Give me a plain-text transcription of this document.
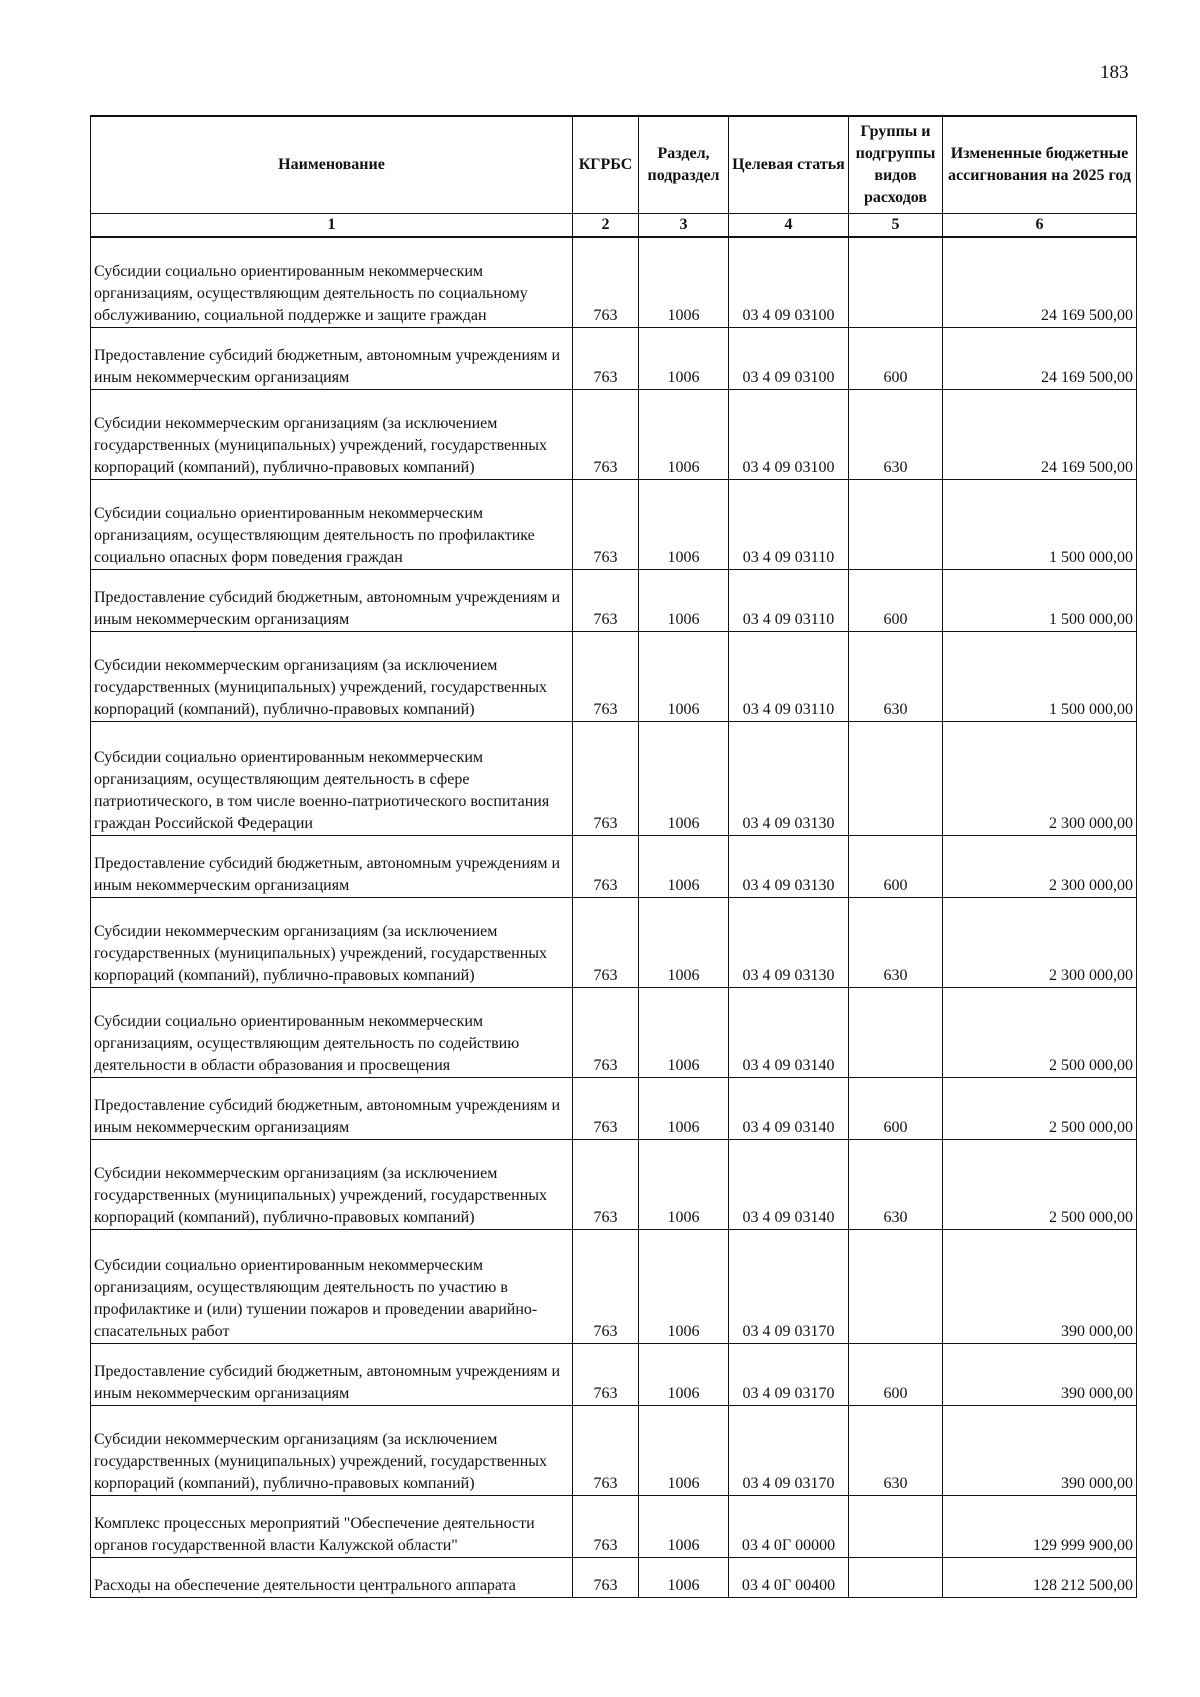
183
Наименование	КГРБС	Раздел, подраздел	Целевая статья	Группы и подгруппы видов расходов	Измененные бюджетные ассигнования на 2025 год
1	2	3	4	5	6
Субсидии социально ориентированным некоммерческим организациям, осуществляющим деятельность по социальному обслуживанию, социальной поддержке и защите граждан	763	1006	03 4 09 03100		24 169 500,00
Предоставление субсидий бюджетным, автономным учреждениям и иным некоммерческим организациям	763	1006	03 4 09 03100	600	24 169 500,00
Субсидии некоммерческим организациям (за исключением государственных (муниципальных) учреждений, государственных корпораций (компаний), публично-правовых компаний)	763	1006	03 4 09 03100	630	24 169 500,00
Субсидии социально ориентированным некоммерческим организациям, осуществляющим деятельность по профилактике социально опасных форм поведения граждан	763	1006	03 4 09 03110		1 500 000,00
Предоставление субсидий бюджетным, автономным учреждениям и иным некоммерческим организациям	763	1006	03 4 09 03110	600	1 500 000,00
Субсидии некоммерческим организациям (за исключением государственных (муниципальных) учреждений, государственных корпораций (компаний), публично-правовых компаний)	763	1006	03 4 09 03110	630	1 500 000,00
Субсидии социально ориентированным некоммерческим организациям, осуществляющим деятельность в сфере патриотического, в том числе военно-патриотического воспитания граждан Российской Федерации	763	1006	03 4 09 03130		2 300 000,00
Предоставление субсидий бюджетным, автономным учреждениям и иным некоммерческим организациям	763	1006	03 4 09 03130	600	2 300 000,00
Субсидии некоммерческим организациям (за исключением государственных (муниципальных) учреждений, государственных корпораций (компаний), публично-правовых компаний)	763	1006	03 4 09 03130	630	2 300 000,00
Субсидии социально ориентированным некоммерческим организациям, осуществляющим деятельность по содействию деятельности в области образования и просвещения	763	1006	03 4 09 03140		2 500 000,00
Предоставление субсидий бюджетным, автономным учреждениям и иным некоммерческим организациям	763	1006	03 4 09 03140	600	2 500 000,00
Субсидии некоммерческим организациям (за исключением государственных (муниципальных) учреждений, государственных корпораций (компаний), публично-правовых компаний)	763	1006	03 4 09 03140	630	2 500 000,00
Субсидии социально ориентированным некоммерческим организациям, осуществляющим деятельность по участию в профилактике и (или) тушении пожаров и проведении аварийно-спасательных работ	763	1006	03 4 09 03170		390 000,00
Предоставление субсидий бюджетным, автономным учреждениям и иным некоммерческим организациям	763	1006	03 4 09 03170	600	390 000,00
Субсидии некоммерческим организациям (за исключением государственных (муниципальных) учреждений, государственных корпораций (компаний), публично-правовых компаний)	763	1006	03 4 09 03170	630	390 000,00
Комплекс процессных мероприятий "Обеспечение деятельности органов государственной власти Калужской области"	763	1006	03 4 0Г 00000		129 999 900,00
Расходы на обеспечение деятельности центрального аппарата	763	1006	03 4 0Г 00400		128 212 500,00
